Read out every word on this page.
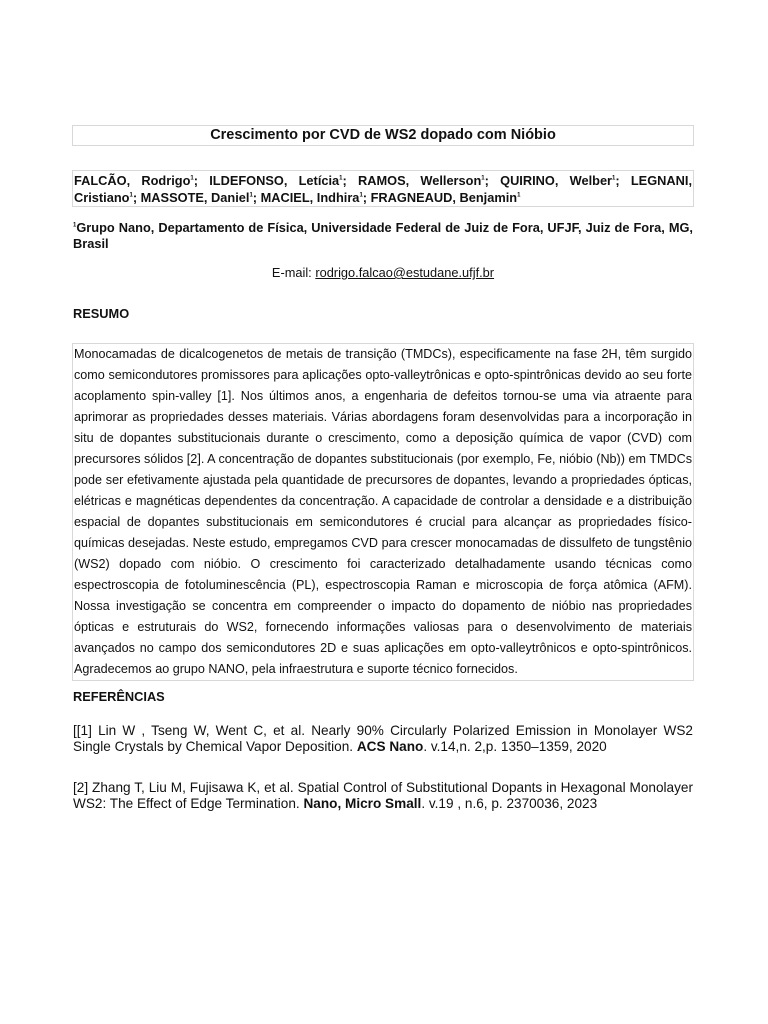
Crescimento por CVD de WS2 dopado com Nióbio
FALCÃO, Rodrigo$^1$; ILDEFONSO, Letícia$^1$; RAMOS, Wellerson$^1$; QUIRINO, Welber$^1$; LEGNANI, Cristiano$^1$; MASSOTE, Daniel$^1$; MACIEL, Indhira$^1$; FRAGNEAUD, Benjamin$^1$
$^1$Grupo Nano, Departamento de Física, Universidade Federal de Juiz de Fora, UFJF, Juiz de Fora, MG, Brasil
E-mail: rodrigo.falcao@estudane.ufjf.br
RESUMO
Monocamadas de dicalcogenetos de metais de transição (TMDCs), especificamente na fase 2H, têm surgido como semicondutores promissores para aplicações opto-valleytrônicas e opto-spintrônicas devido ao seu forte acoplamento spin-valley [1]. Nos últimos anos, a engenharia de defeitos tornou-se uma via atraente para aprimorar as propriedades desses materiais. Várias abordagens foram desenvolvidas para a incorporação in situ de dopantes substitucionais durante o crescimento, como a deposição química de vapor (CVD) com precursores sólidos [2]. A concentração de dopantes substitucionais (por exemplo, Fe, nióbio (Nb)) em TMDCs pode ser efetivamente ajustada pela quantidade de precursores de dopantes, levando a propriedades ópticas, elétricas e magnéticas dependentes da concentração. A capacidade de controlar a densidade e a distribuição espacial de dopantes substitucionais em semicondutores é crucial para alcançar as propriedades físico-químicas desejadas. Neste estudo, empregamos CVD para crescer monocamadas de dissulfeto de tungstênio (WS2) dopado com nióbio. O crescimento foi caracterizado detalhadamente usando técnicas como espectroscopia de fotoluminescência (PL), espectroscopia Raman e microscopia de força atômica (AFM). Nossa investigação se concentra em compreender o impacto do dopamento de nióbio nas propriedades ópticas e estruturais do WS2, fornecendo informações valiosas para o desenvolvimento de materiais avançados no campo dos semicondutores 2D e suas aplicações em opto-valleytrônicos e opto-spintrônicos. Agradecemos ao grupo NANO, pela infraestrutura e suporte técnico fornecidos.
REFERÊNCIAS
[[1] Lin W , Tseng W, Went C, et al. Nearly 90% Circularly Polarized Emission in Monolayer WS2 Single Crystals by Chemical Vapor Deposition. ACS Nano. v.14,n. 2,p. 1350–1359, 2020
[2] Zhang T, Liu M, Fujisawa K, et al. Spatial Control of Substitutional Dopants in Hexagonal Monolayer WS2: The Effect of Edge Termination. Nano, Micro Small. v.19 , n.6, p. 2370036, 2023
